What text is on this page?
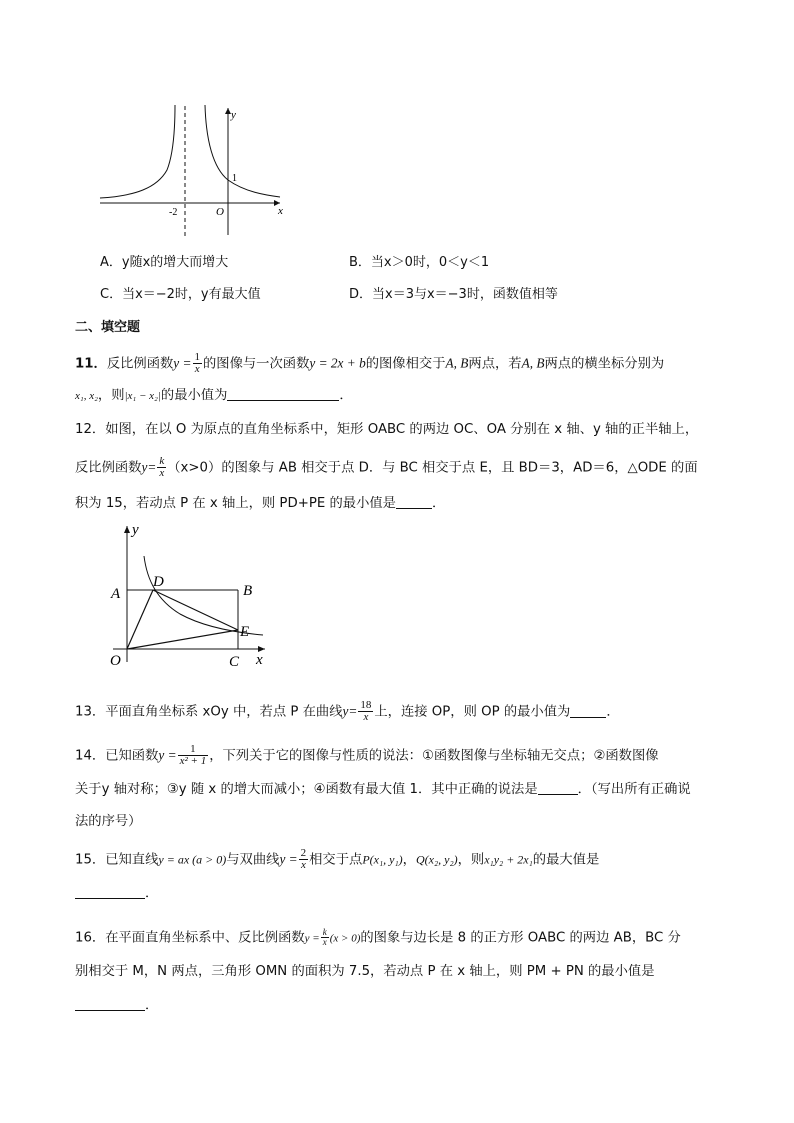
y
x
O
-2
1
A．y随x的增大而增大	B．当x＞0时，0＜y＜1
C．当x＝−2时，y有最大值	D．当x＝3与x＝−3时，函数值相等
二、填空题
11．反比例函数$y = \frac{1}{x}$ 的图像与一次函数y = 2x + b的图像相交于A, B两点，若A, B两点的横坐标分别为
x₁, x₂，则|x₁ − x₂|的最小值为	．
12．如图，在以 O 为原点的直角坐标系中，矩形 OABC 的两边 OC、OA 分别在 x 轴、y 轴的正半轴上，
反比例函数$y= \frac{k}{x} (x>0)$的图象与 AB 相交于点 D．与 BC 相交于点 E，且 BD＝3，AD＝6，△ODE 的面
积为 15，若动点 P 在 x 轴上，则 PD+PE 的最小值是	．
y
x
A	B
C
D
E
O
13．平面直角坐标系 xOy 中，若点 P 在曲线$y= \frac{18}{x}$ 上，连接 OP，则 OP 的最小值为	．
14．已知函数$y = \frac{1}{\text{x² + 1}}$ ，下列关于它的图像与性质的说法：①函数图像与坐标轴无交点；②函数图像
关于y 轴对称；③y 随 x 的增大而减小；④函数有最大值 1．其中正确的说法是	．（写出所有正确说
法的序号）
15．已知直线y = ax (a > 0)与双曲线$y = \frac{2}{x}$ 相交于点P(x₁, y₁)，Q(x₂, y₂)，则x₁y₂ + 2x₁的最大值是
．
16．在平面直角坐标系中、反比例函数$y = \frac{k}{x} (x > 0)$的图象与边长是 8 的正方形 OABC 的两边 AB，BC 分
别相交于 M，N 两点，三角形 OMN 的面积为 7.5，若动点 P 在 x 轴上，则 PM + PN 的最小值是
．
